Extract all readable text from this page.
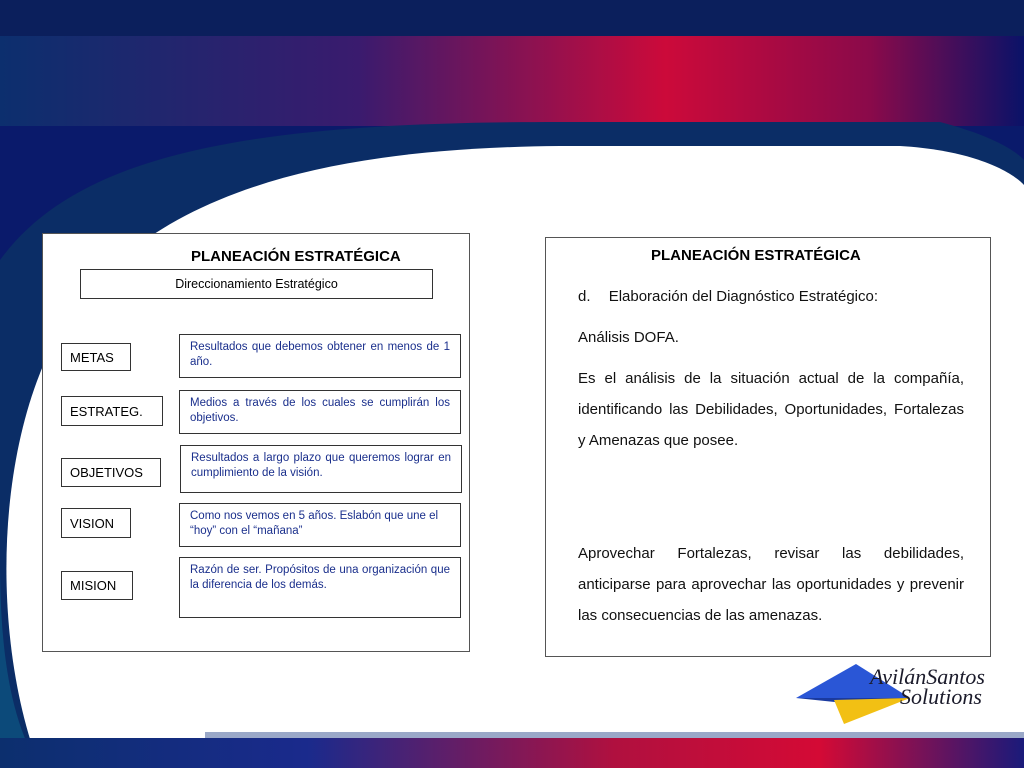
PLANEACIÓN ESTRATÉGICA
Direccionamiento Estratégico
METAS
Resultados que debemos obtener en menos de 1 año.
ESTRATEG.
Medios a través de los cuales se cumplirán los objetivos.
OBJETIVOS
Resultados a largo plazo que queremos lograr en cumplimiento de la visión.
VISION	Como nos vemos en 5 años. Eslabón que une el “hoy” con el “mañana”
MISION
Razón de ser. Propósitos de una organización que la diferencia de los demás.
PLANEACIÓN ESTRATÉGICA
d. Elaboración del Diagnóstico Estratégico:
Análisis DOFA.
Es el análisis de la situación actual de la compañía, identificando las Debilidades, Oportunidades, Fortalezas y Amenazas que posee.
Aprovechar Fortalezas, revisar las debilidades, anticiparse para aprovechar las oportunidades y prevenir las consecuencias de las amenazas.
AvilánSantos
Solutions
